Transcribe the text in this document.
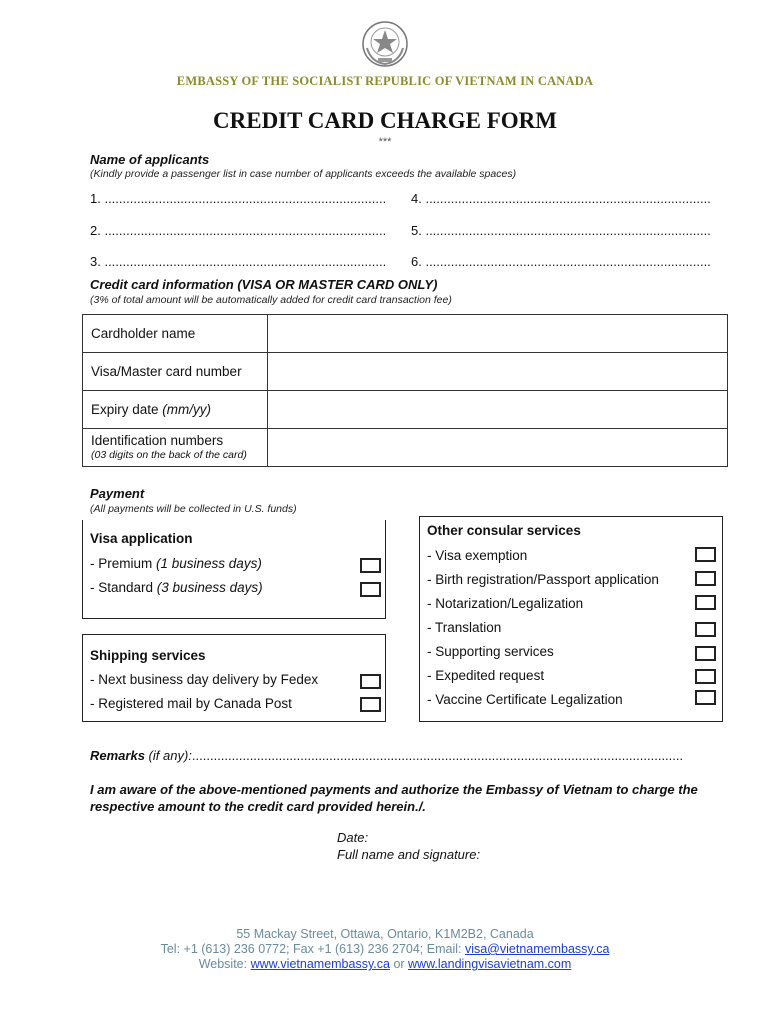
EMBASSY OF THE SOCIALIST REPUBLIC OF VIETNAM IN CANADA
CREDIT CARD CHARGE FORM
***
Name of applicants
(Kindly provide a passenger list in case number of applicants exceeds the available spaces)
1. ..............................................................................	4. ...............................................................................
2. ..............................................................................	5. ...............................................................................
3. ..............................................................................	6. ...............................................................................
Credit card information (VISA OR MASTER CARD ONLY)
(3% of total amount will be automatically added for credit card transaction fee)
Cardholder name	
Visa/Master card number	
Expiry date (mm/yy)	

Identification numbers
(03 digits on the back of the card)	

Payment
(All payments will be collected in U.S. funds)
Visa application
- Premium (1 business days)
- Standard (3 business days)
Shipping services
- Next business day delivery by Fedex
- Registered mail by Canada Post
Other consular services
- Visa exemption
- Birth registration/Passport application
- Notarization/Legalization
- Translation
- Supporting services
- Expedited request
- Vaccine Certificate Legalization
Remarks (if any):........................................................................................................................................
I am aware of the above-mentioned payments and authorize the Embassy of Vietnam to charge the respective amount to the credit card provided herein./.
Date:
Full name and signature:
55 Mackay Street, Ottawa, Ontario, K1M2B2, Canada
Tel: +1 (613) 236 0772; Fax +1 (613) 236 2704; Email: visa@vietnamembassy.ca
Website: www.vietnamembassy.ca or www.landingvisavietnam.com
